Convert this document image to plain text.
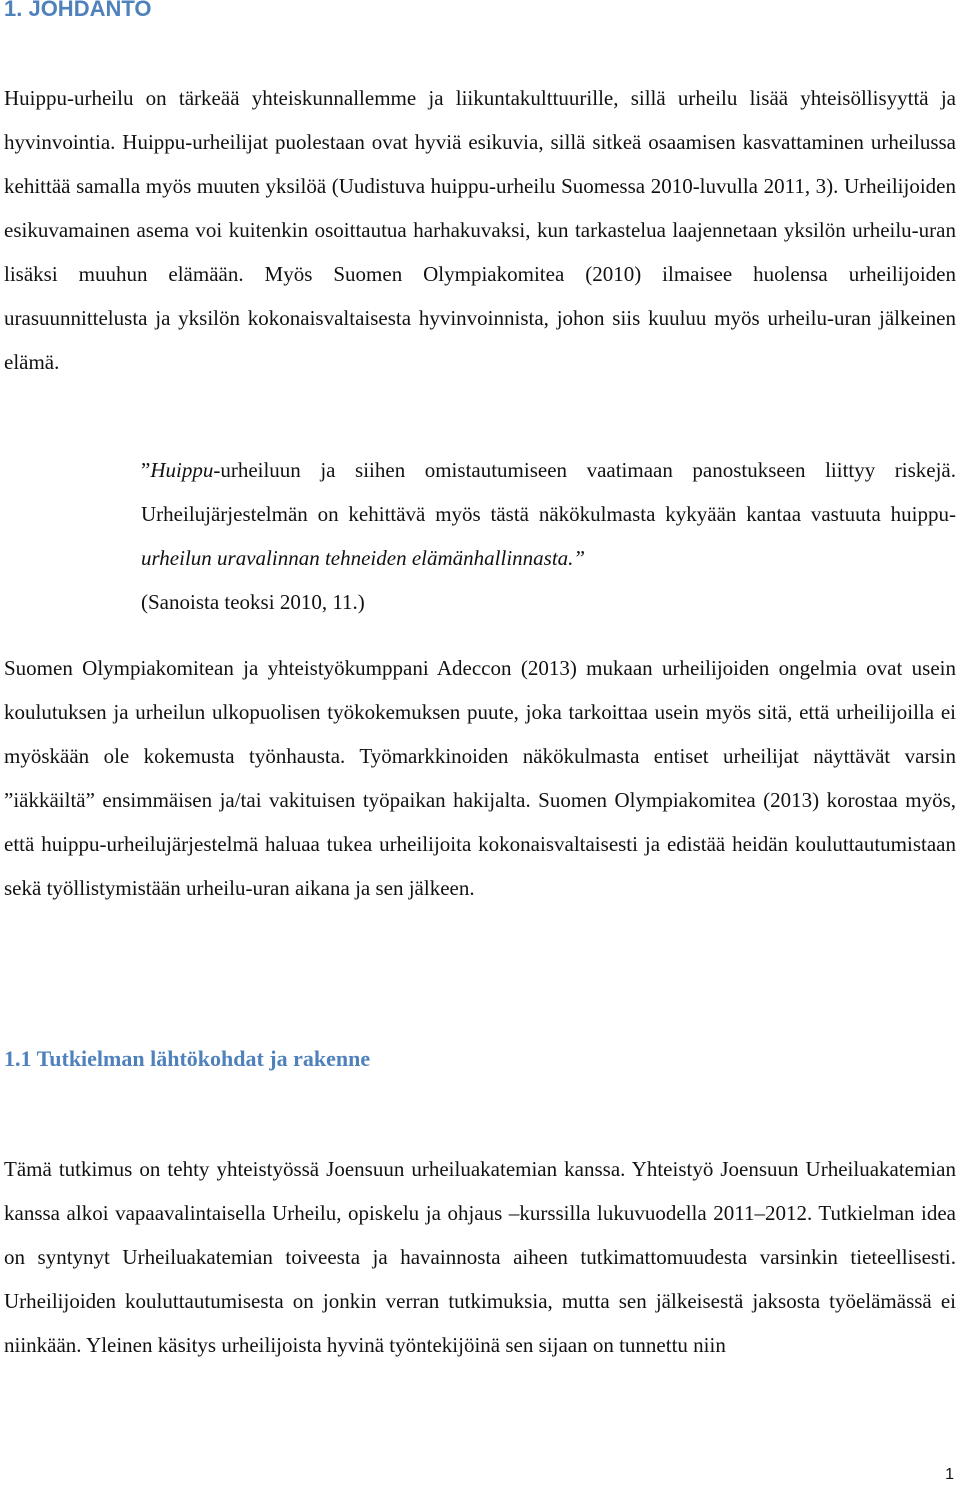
1. JOHDANTO

Huippu-urheilu on tärkeää yhteiskunnallemme ja liikuntakulttuurille, sillä urheilu lisää yhteisöllisyyttä ja hyvinvointia. Huippu-urheilijat puolestaan ovat hyviä esikuvia, sillä sitkeä osaamisen kasvattaminen urheilussa kehittää samalla myös muuten yksilöä (Uudistuva huippu-urheilu Suomessa 2010-luvulla 2011, 3). Urheilijoiden esikuvamainen asema voi kuitenkin osoittautua harhakuvaksi, kun tarkastelua laajennetaan yksilön urheilu-uran lisäksi muuhun elämään. Myös Suomen Olympiakomitea (2010) ilmaisee huolensa urheilijoiden urasuunnittelusta ja yksilön kokonaisvaltaisesta hyvinvoinnista, johon siis kuuluu myös urheilu-uran jälkeinen elämä.

”Huippu-urheiluun ja siihen omistautumiseen vaatimaan panostukseen liittyy riskejä. Urheilujärjestelmän on kehittävä myös tästä näkökulmasta kykyään kantaa vastuuta huippu-urheilun uravalinnan tehneiden elämänhallinnasta.”
(Sanoista teoksi 2010, 11.)

Suomen Olympiakomitean ja yhteistyökumppani Adeccon (2013) mukaan urheilijoiden ongelmia ovat usein koulutuksen ja urheilun ulkopuolisen työkokemuksen puute, joka tarkoittaa usein myös sitä, että urheilijoilla ei myöskään ole kokemusta työnhausta. Työmarkkinoiden näkökulmasta entiset urheilijat näyttävät varsin ”iäkkäiltä” ensimmäisen ja/tai vakituisen työpaikan hakijalta. Suomen Olympiakomitea (2013) korostaa myös, että huippu-urheilujärjestelmä haluaa tukea urheilijoita kokonaisvaltaisesti ja edistää heidän kouluttautumistaan sekä työllistymistään urheilu-uran aikana ja sen jälkeen.

1.1 Tutkielman lähtökohdat ja rakenne

Tämä tutkimus on tehty yhteistyössä Joensuun urheiluakatemian kanssa. Yhteistyö Joensuun Urheiluakatemian kanssa alkoi vapaavalintaisella Urheilu, opiskelu ja ohjaus –kurssilla lukuvuodella 2011–2012. Tutkielman idea on syntynyt Urheiluakatemian toiveesta ja havainnosta aiheen tutkimattomuudesta varsinkin tieteellisesti. Urheilijoiden kouluttautumisesta on jonkin verran tutkimuksia, mutta sen jälkeisestä jaksosta työelämässä ei niinkään. Yleinen käsitys urheilijoista hyvinä työntekijöinä sen sijaan on tunnettu niin

1
